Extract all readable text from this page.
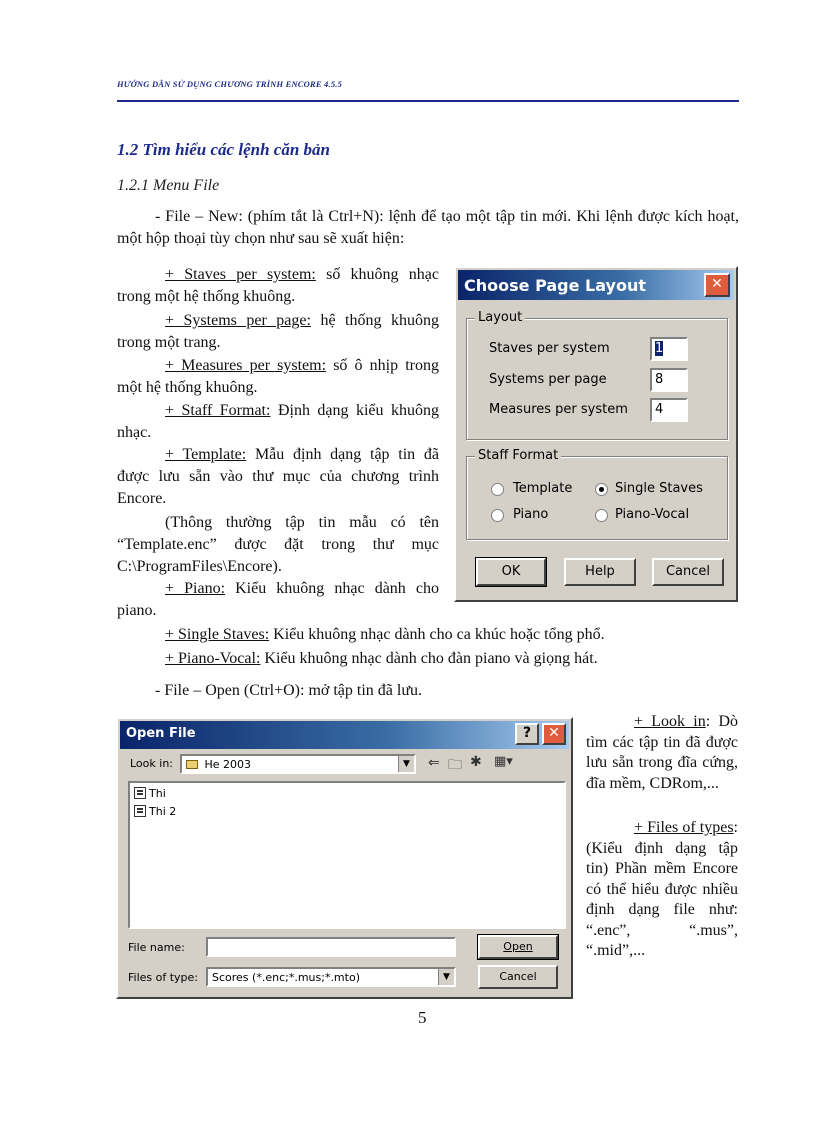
HƯỚNG DẪN SỬ DỤNG CHƯƠNG TRÌNH ENCORE 4.5.5
1.2 Tìm hiểu các lệnh căn bản
1.2.1 Menu File
- File – New: (phím tắt là Ctrl+N): lệnh để tạo một tập tin mới. Khi lệnh được kích hoạt, một hộp thoại tùy chọn như sau sẽ xuất hiện:
+ Staves per system: số khuông nhạc trong một hệ thống khuông.
+ Systems per page: hệ thống khuông trong một trang.
+ Measures per system: số ô nhịp trong một hệ thống khuông.
+ Staff Format: Định dạng kiểu khuông nhạc.
+ Template: Mẫu định dạng tập tin đã được lưu sẵn vào thư mục của chương trình Encore.
(Thông thường tập tin mẫu có tên “Template.enc” được đặt trong thư mục C:\ProgramFiles\Encore).
+ Piano: Kiểu khuông nhạc dành cho piano.
+ Single Staves: Kiểu khuông nhạc dành cho ca khúc hoặc tổng phổ.
+ Piano-Vocal: Kiểu khuông nhạc dành cho đàn piano và giọng hát.
Choose Page Layout	✕
Layout
Staves per system	1
Systems per page	8
Measures per system	4
Staff Format
Template	Single Staves
Piano	Piano-Vocal
OK	Help	Cancel
- File – Open (Ctrl+O): mở tập tin đã lưu.
Open File	?	✕
Look in:	He 2003	▼ ⇐ 🗀 ✱ ▦▾
Thi
Thi 2
File name:	Open
Files of type:	Scores (*.enc;*.mus;*.mto)	▼	Cancel
+ Look in: Dò tìm các tập tin đã được lưu sẵn trong đĩa cứng, đĩa mềm, CDRom,...
+ Files of types: (Kiểu định dạng tập tin) Phần mềm Encore có thể hiểu được nhiều định dạng file như: “.enc”, “.mus”, “.mid”,...
5
